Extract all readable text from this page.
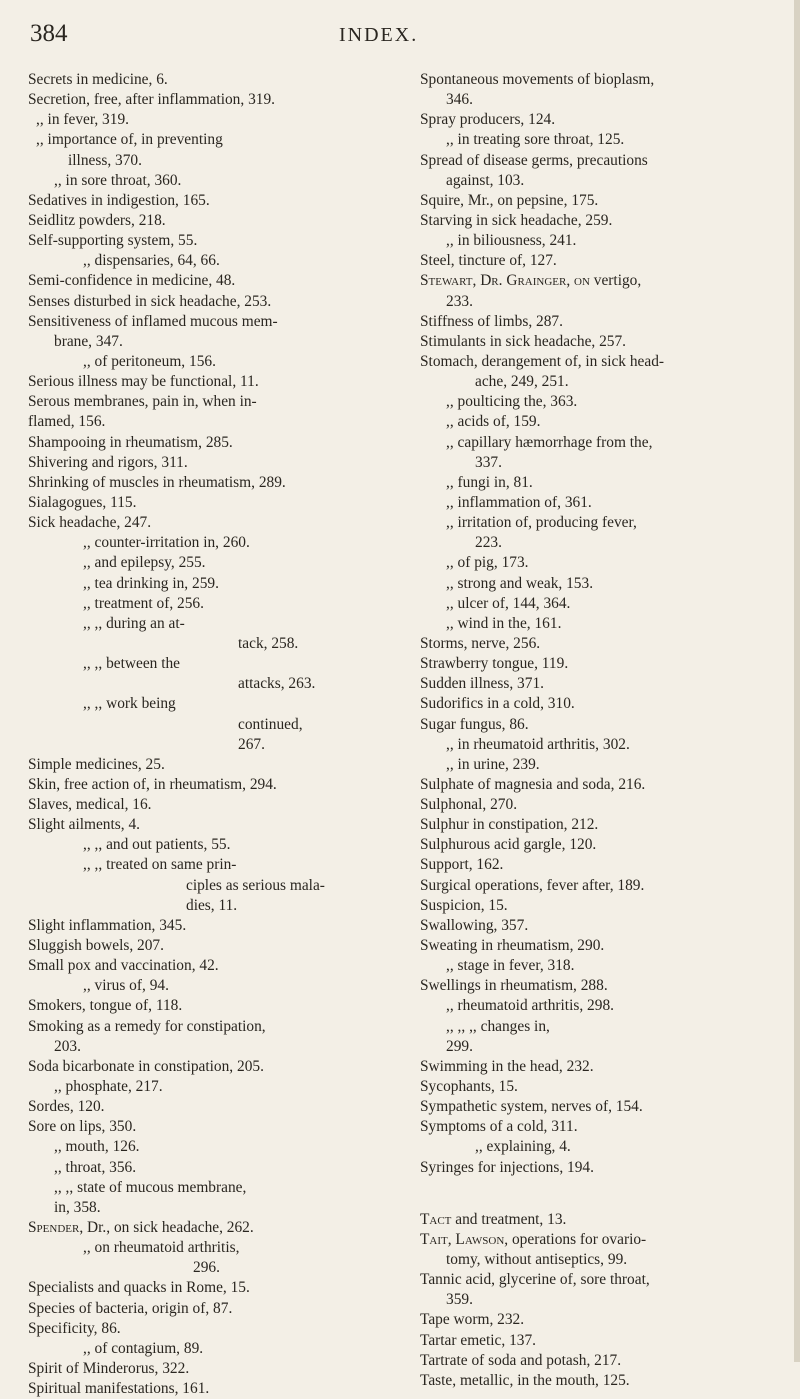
384	INDEX.
Secrets in medicine, 6.
Secretion, free, after inflammation, 319.
,, in fever, 319.
,, importance of, in preventing
illness, 370.
,, in sore throat, 360.
Sedatives in indigestion, 165.
Seidlitz powders, 218.
Self-supporting system, 55.
,, dispensaries, 64, 66.
Semi-confidence in medicine, 48.
Senses disturbed in sick headache, 253.
Sensitiveness of inflamed mucous mem-
brane, 347.
,, of peritoneum, 156.
Serious illness may be functional, 11.
Serous membranes, pain in, when in-
flamed, 156.
Shampooing in rheumatism, 285.
Shivering and rigors, 311.
Shrinking of muscles in rheumatism, 289.
Sialagogues, 115.
Sick headache, 247.
,, counter-irritation in, 260.
,, and epilepsy, 255.
,, tea drinking in, 259.
,, treatment of, 256.
,, ,, during an at-
tack, 258.
,, ,, between the
attacks, 263.
,, ,, work being
continued,
267.
Simple medicines, 25.
Skin, free action of, in rheumatism, 294.
Slaves, medical, 16.
Slight ailments, 4.
,, ,, and out patients, 55.
,, ,, treated on same prin-
ciples as serious mala-
dies, 11.
Slight inflammation, 345.
Sluggish bowels, 207.
Small pox and vaccination, 42.
,, virus of, 94.
Smokers, tongue of, 118.
Smoking as a remedy for constipation,
203.
Soda bicarbonate in constipation, 205.
,, phosphate, 217.
Sordes, 120.
Sore on lips, 350.
,, mouth, 126.
,, throat, 356.
,, ,, state of mucous membrane,
in, 358.
Spender, Dr., on sick headache, 262.
,, on rheumatoid arthritis,
296.
Specialists and quacks in Rome, 15.
Species of bacteria, origin of, 87.
Specificity, 86.
,, of contagium, 89.
Spirit of Minderorus, 322.
Spiritual manifestations, 161.
Spontaneous movements of bioplasm,
346.
Spray producers, 124.
,, in treating sore throat, 125.
Spread of disease germs, precautions
against, 103.
Squire, Mr., on pepsine, 175.
Starving in sick headache, 259.
,, in biliousness, 241.
Steel, tincture of, 127.
Stewart, Dr. Grainger, on vertigo,
233.
Stiffness of limbs, 287.
Stimulants in sick headache, 257.
Stomach, derangement of, in sick head-
ache, 249, 251.
,, poulticing the, 363.
,, acids of, 159.
,, capillary hæmorrhage from the,
337.
,, fungi in, 81.
,, inflammation of, 361.
,, irritation of, producing fever,
223.
,, of pig, 173.
,, strong and weak, 153.
,, ulcer of, 144, 364.
,, wind in the, 161.
Storms, nerve, 256.
Strawberry tongue, 119.
Sudden illness, 371.
Sudorifics in a cold, 310.
Sugar fungus, 86.
,, in rheumatoid arthritis, 302.
,, in urine, 239.
Sulphate of magnesia and soda, 216.
Sulphonal, 270.
Sulphur in constipation, 212.
Sulphurous acid gargle, 120.
Support, 162.
Surgical operations, fever after, 189.
Suspicion, 15.
Swallowing, 357.
Sweating in rheumatism, 290.
,, stage in fever, 318.
Swellings in rheumatism, 288.
,, rheumatoid arthritis, 298.
,, ,, ,, changes in,
299.
Swimming in the head, 232.
Sycophants, 15.
Sympathetic system, nerves of, 154.
Symptoms of a cold, 311.
,, explaining, 4.
Syringes for injections, 194.
Tact and treatment, 13.
Tait, Lawson, operations for ovario-
tomy, without antiseptics, 99.
Tannic acid, glycerine of, sore throat,
359.
Tape worm, 232.
Tartar emetic, 137.
Tartrate of soda and potash, 217.
Taste, metallic, in the mouth, 125.
